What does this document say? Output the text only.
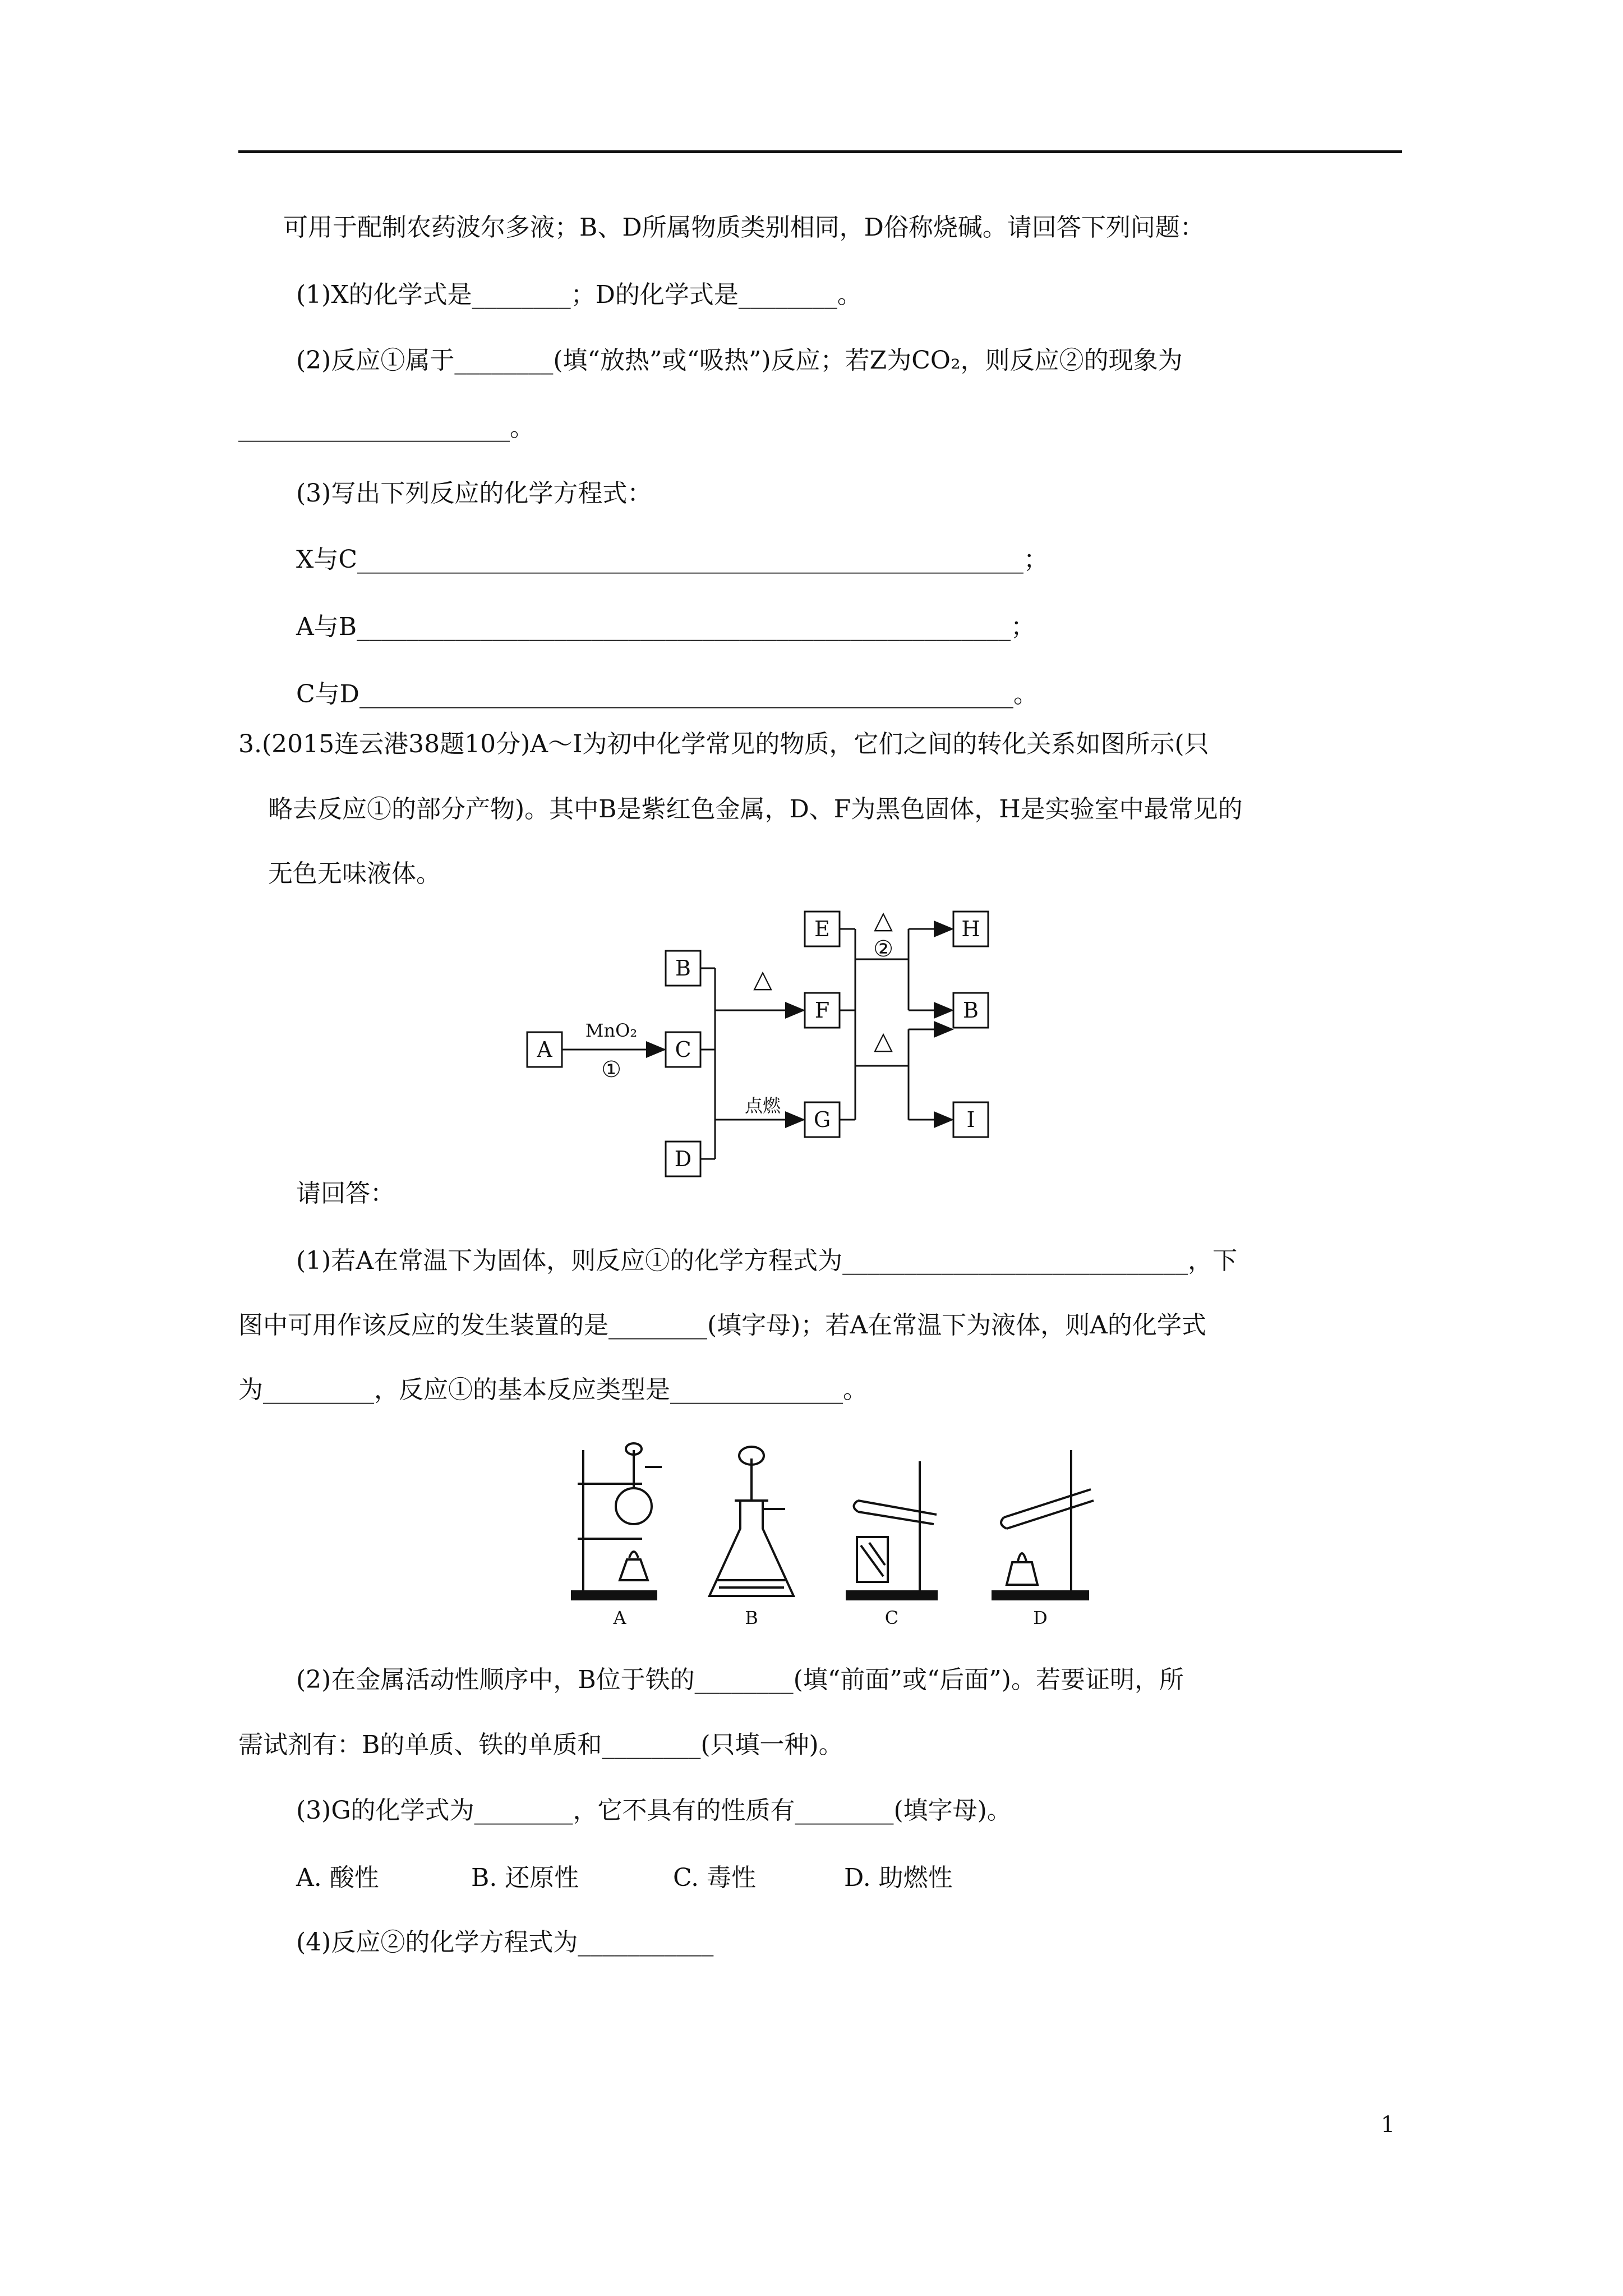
可用于配制农药波尔多液；B、D所属物质类别相同，D俗称烧碱。请回答下列问题：
(1)X的化学式是________；D的化学式是________。
(2)反应①属于________(填“放热”或“吸热”)反应；若Z为CO₂，则反应②的现象为
______________________。
(3)写出下列反应的化学方程式：
X与C______________________________________________________；
A与B_____________________________________________________；
C与D_____________________________________________________。
3.(2015连云港38题10分)A～I为初中化学常见的物质，它们之间的转化关系如图所示(只
略去反应①的部分产物)。其中B是紫红色金属，D、F为黑色固体，H是实验室中最常见的
无色无味液体。
A
B
C
D
E
F
G
H
B
I
MnO₂
①
点燃
②
△
△
△
请回答：
(1)若A在常温下为固体，则反应①的化学方程式为____________________________，下
图中可用作该反应的发生装置的是________(填字母)；若A在常温下为液体，则A的化学式
为_________，反应①的基本反应类型是______________。
A	B	C	D
(2)在金属活动性顺序中，B位于铁的________(填“前面”或“后面”)。若要证明，所
需试剂有：B的单质、铁的单质和________(只填一种)。
(3)G的化学式为________，它不具有的性质有________(填字母)。
A. 酸性	B. 还原性	C. 毒性	D. 助燃性
(4)反应②的化学方程式为___________
1
